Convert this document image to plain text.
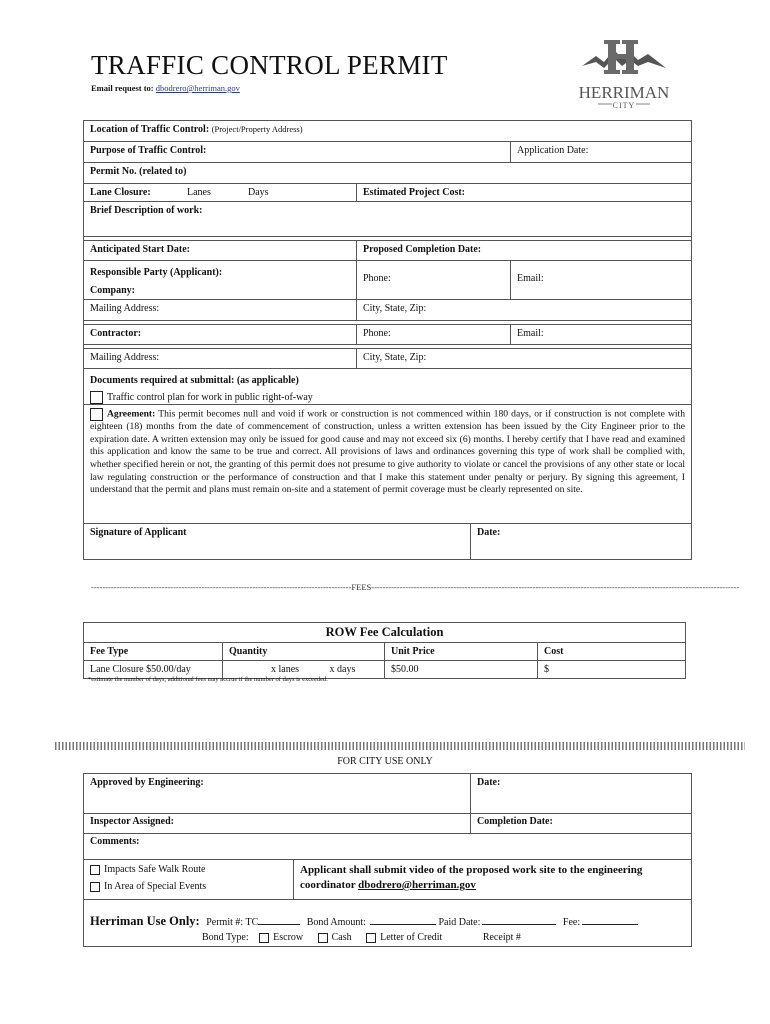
TRAFFIC CONTROL PERMIT
Email request to: dbodrero@herriman.gov	HERRIMAN
CITY
Location of Traffic Control: (Project/Property Address)
Purpose of Traffic Control:	Application Date:
Permit No. (related to)
Lane Closure:	Lanes	Days	Estimated Project Cost:
Brief Description of work:
Anticipated Start Date:	Proposed Completion Date:
Responsible Party (Applicant):
Company:
Phone:	Email:
Mailing Address:	City, State, Zip:
Contractor:	Phone:	Email:
Mailing Address:	City, State, Zip:
Documents required at submittal: (as applicable)
Traffic control plan for work in public right-of-way
Agreement: This permit becomes null and void if work or construction is not commenced within 180 days, or if construction is not complete with eighteen (18) months from the date of commencement of construction, unless a written extension has been issued by the City Engineer prior to the expiration date. A written extension may only be issued for good cause and may not exceed six (6) months. I hereby certify that I have read and examined this application and know the same to be true and correct. All provisions of laws and ordinances governing this type of work shall be complied with, whether specified herein or not, the granting of this permit does not presume to give authority to violate or cancel the provisions of any other state or local law regulating construction or the performance of construction and that I make this statement under penalty or perjury. By signing this agreement, I understand that the permit and plans must remain on-site and a statement of permit coverage must be clearly represented on site.
Signature of Applicant	Date:
--------------------------------------------------------------------------------------------FEES----------------------------------------------------------------------------------------------------------------------------------
ROW Fee Calculation			
Fee Type	Quantity	Unit Price	Cost
Lane Closure $50.00/day	x lanes x days	$50.00	$
*estimate the number of days, additional fees may accrue if the number of days is exceeded.
FOR CITY USE ONLY
Approved by Engineering:	Date:
Inspector Assigned:	Completion Date:
Comments:
Impacts Safe Walk Route
In Area of Special Events
Applicant shall submit video of the proposed work site to the engineering coordinator dbodrero@herriman.gov
Herriman Use Only: Permit #: TC	Bond Amount:	Paid Date:	Fee:
Bond Type: Escrow	Cash	Letter of Credit	Receipt #
